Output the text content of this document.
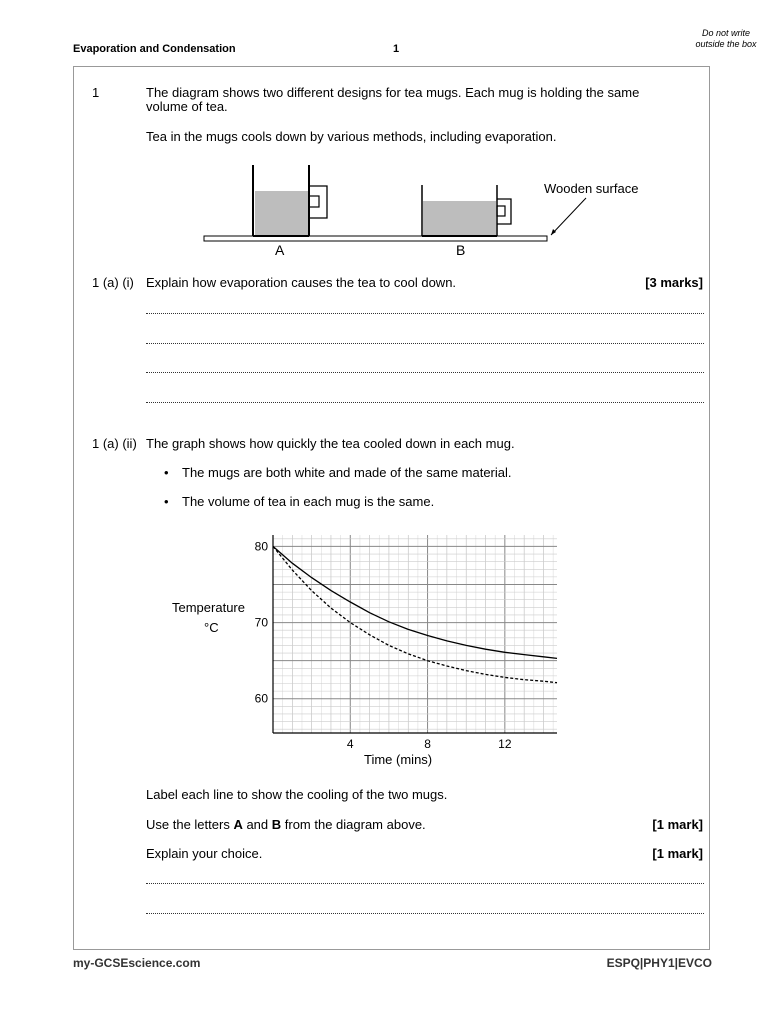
Evaporation and Condensation	1
Do not write outside the box
1	The diagram shows two different designs for tea mugs. Each mug is holding the same
volume of tea.
Tea in the mugs cools down by various methods, including evaporation.
Wooden surface
A	B
1 (a) (i) Explain how evaporation causes the tea to cool down.	[3 marks]
1 (a) (ii) The graph shows how quickly the tea cooled down in each mug.
• The mugs are both white and made of the same material.
• The volume of tea in each mug is the same.
4	8	12
60
70
80
Temperature
°C
Time (mins)
Label each line to show the cooling of the two mugs.
Use the letters A and B from the diagram above.	[1 mark]
Explain your choice.	[1 mark]
my-GCSEscience.com	ESPQ|PHY1|EVCO
